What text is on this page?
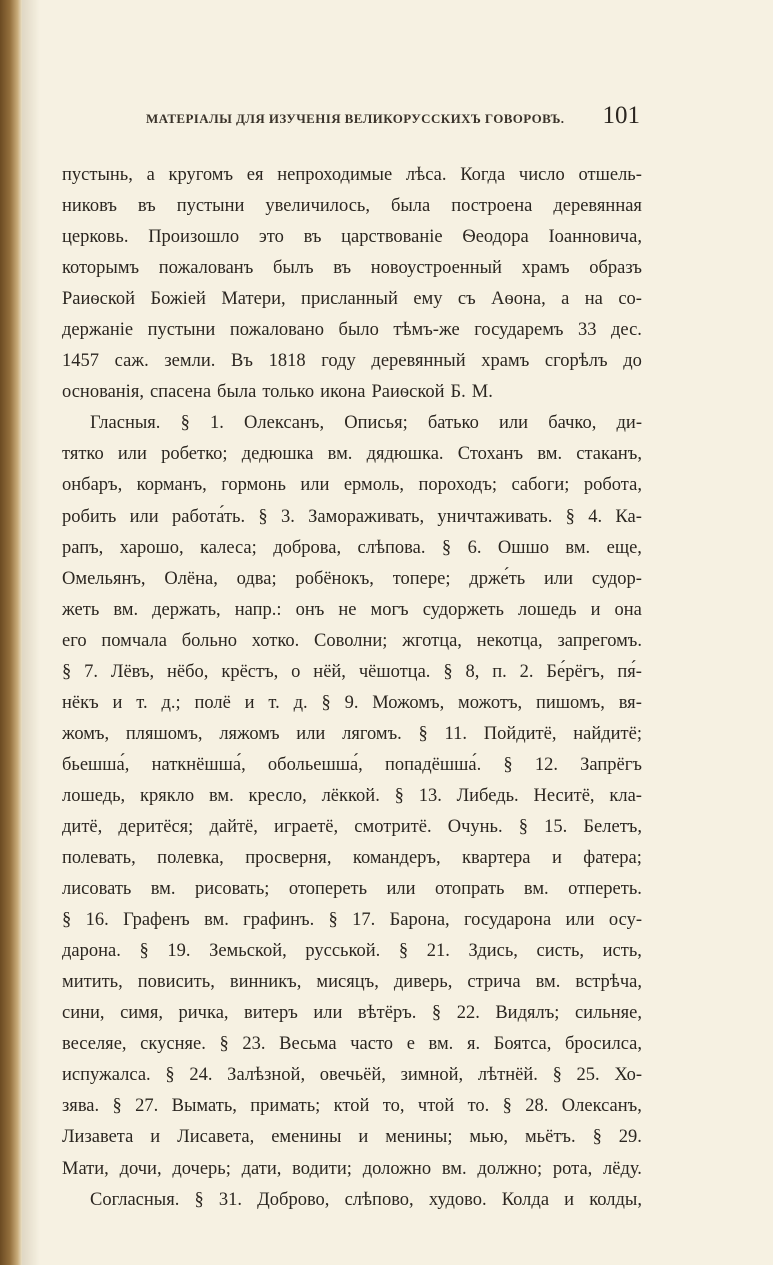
МАТЕРІАЛЫ ДЛЯ ИЗУЧЕНІЯ ВЕЛИКОРУССКИХЪ ГОВОРОВЪ. 101
пустынь, а кругомъ ея непроходимые лѣса. Когда число отшель-
никовъ въ пустыни увеличилось, была построена деревянная
церковь. Произошло это въ царствованіе Ѳеодора Іоанновича,
которымъ пожалованъ былъ въ новоустроенный храмъ образъ
Раиѳской Божіей Матери, присланный ему съ Аѳона, а на со-
держаніе пустыни пожаловано было тѣмъ-же государемъ 33 дес.
1457 саж. земли. Въ 1818 году деревянный храмъ сгорѣлъ до
основанія, спасена была только икона Раиѳской Б. М.
Гласныя. § 1. Олексанъ, Описья; батько или бачко, ди-
тятко или робетко; дедюшка вм. дядюшка. Стоханъ вм. стаканъ,
онбаръ, корманъ, гормонь или ермоль, пороходъ; сабоги; робота,
робить или работа́ть. § 3. Замораживать, уничтаживать. § 4. Ка-
рапъ, харошо, калеса; доброва, слѣпова. § 6. Ошшо вм. еще,
Омельянъ, Олёна, одва; робёнокъ, топере; држе́ть или судор-
жеть вм. держать, напр.: онъ не могъ судоржеть лошедь и она
его помчала больно хотко. Соволни; жготца, некотца, запрегомъ.
§ 7. Лёвъ, нёбо, крёстъ, о нёй, чёшотца. § 8, п. 2. Бе́рёгъ, пя́-
нёкъ и т. д.; полё и т. д. § 9. Можомъ, можотъ, пишомъ, вя-
жомъ, пляшомъ, ляжомъ или лягомъ. § 11. Пойдитё, найдитё;
бьешша́, наткнёшша́, обольешша́, попадёшша́. § 12. Запрёгъ
лошедь, крякло вм. кресло, лёккой. § 13. Либедь. Неситё, кла-
дитё, деритёся; дайтё, играетё, смотритё. Очунь. § 15. Белетъ,
полевать, полевка, просверня, командеръ, квартера и фатера;
лисовать вм. рисовать; отопереть или отопрать вм. отпереть.
§ 16. Графенъ вм. графинъ. § 17. Барона, государона или осу-
дарона. § 19. Земьской, русськой. § 21. Здись, систь, исть,
митить, повисить, винникъ, мисяцъ, диверь, стрича вм. встрѣча,
сини, симя, ричка, витеръ или вѣтёръ. § 22. Видялъ; сильняе,
веселяе, скусняе. § 23. Весьма часто е вм. я. Боятса, бросилса,
испужалса. § 24. Залѣзной, овечьёй, зимной, лѣтнёй. § 25. Хо-
зява. § 27. Вымать, примать; ктой то, чтой то. § 28. Олексанъ,
Лизавета и Лисавета, еменины и менины; мью, мьётъ. § 29.
Мати, дочи, дочерь; дати, водити; доложно вм. должно; рота, лёду.
Согласныя. § 31. Доброво, слѣпово, худово. Колда и колды,
